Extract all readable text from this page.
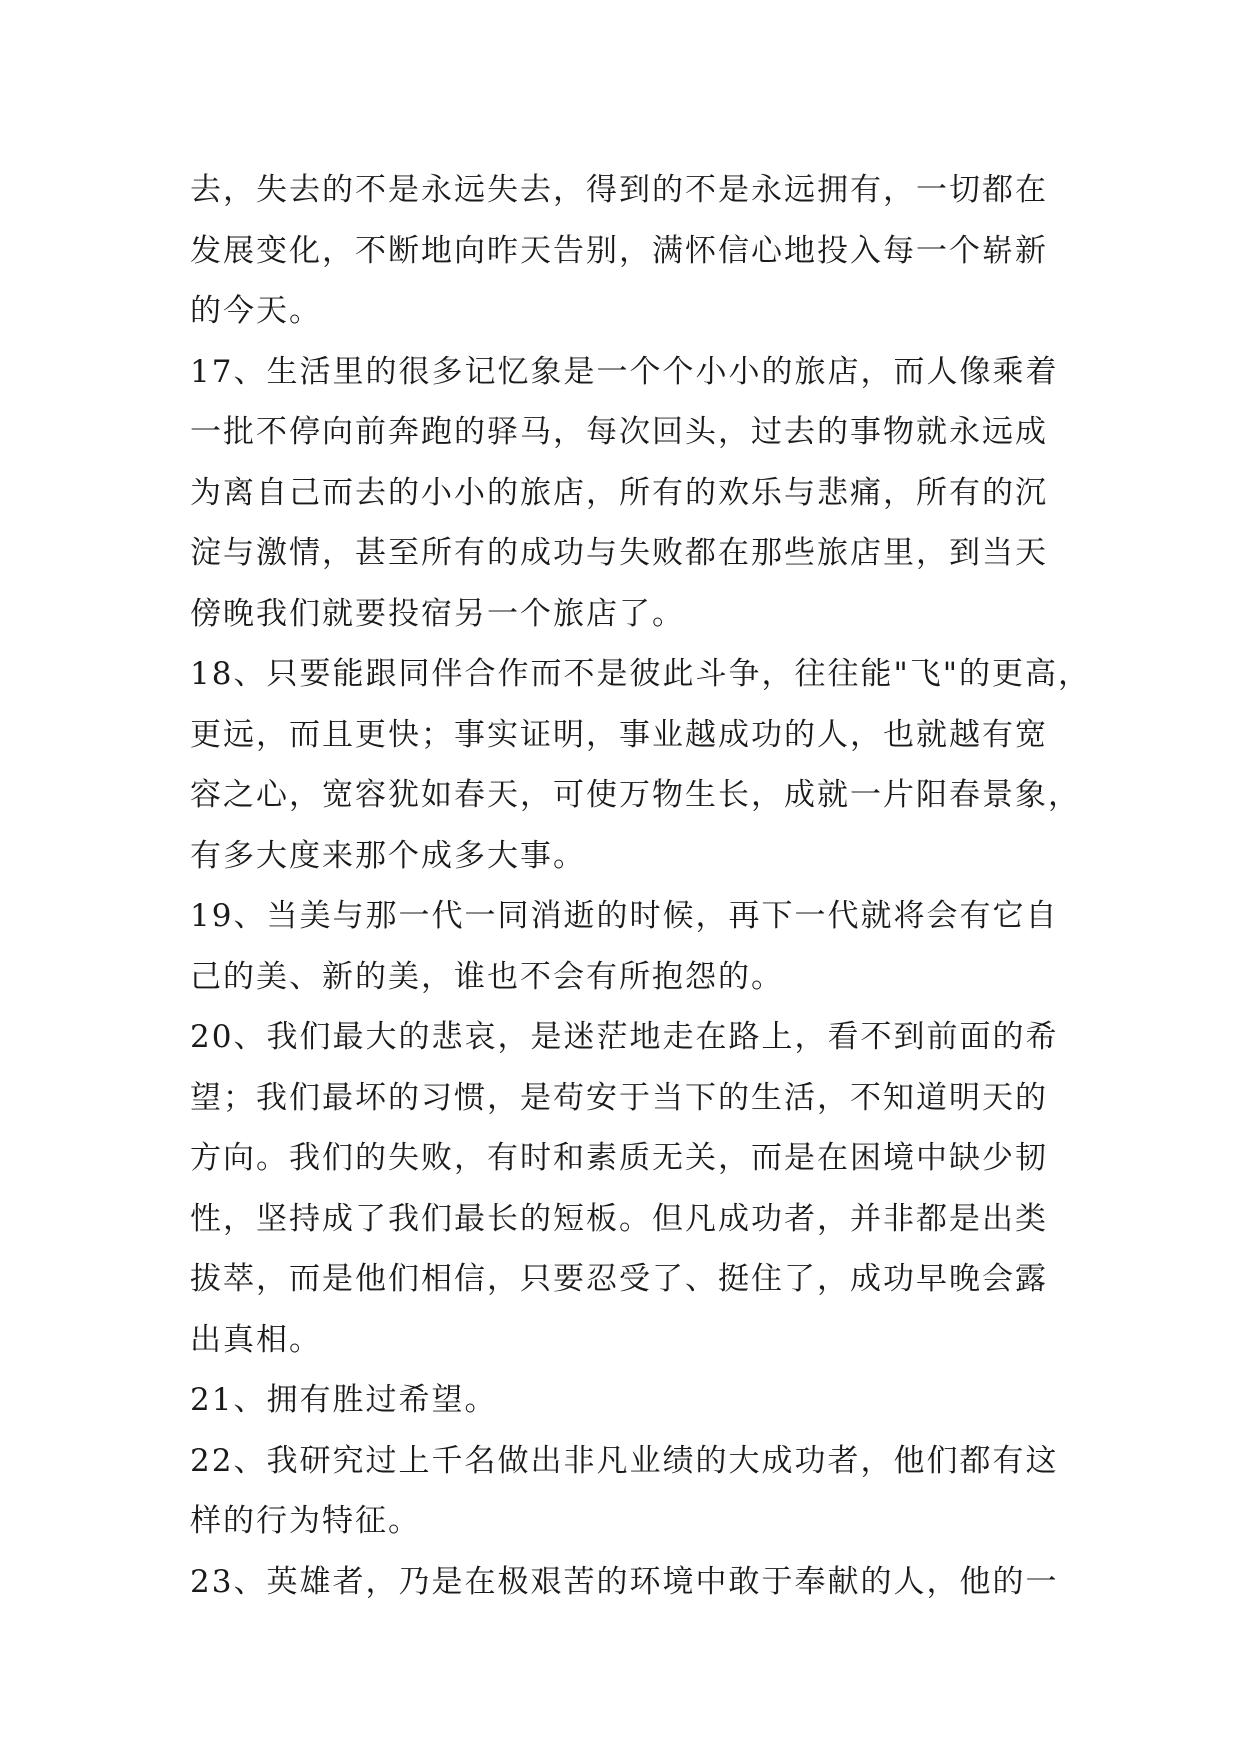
去，失去的不是永远失去，得到的不是永远拥有，一切都在
发展变化，不断地向昨天告别，满怀信心地投入每一个崭新
的今天。
17、生活里的很多记忆象是一个个小小的旅店，而人像乘着
一批不停向前奔跑的驿马，每次回头，过去的事物就永远成
为离自己而去的小小的旅店，所有的欢乐与悲痛，所有的沉
淀与激情，甚至所有的成功与失败都在那些旅店里，到当天
傍晚我们就要投宿另一个旅店了。
18、只要能跟同伴合作而不是彼此斗争，往往能"飞"的更高，
更远，而且更快；事实证明，事业越成功的人，也就越有宽
容之心，宽容犹如春天，可使万物生长，成就一片阳春景象，
有多大度来那个成多大事。
19、当美与那一代一同消逝的时候，再下一代就将会有它自
己的美、新的美，谁也不会有所抱怨的。
20、我们最大的悲哀，是迷茫地走在路上，看不到前面的希
望；我们最坏的习惯，是苟安于当下的生活，不知道明天的
方向。我们的失败，有时和素质无关，而是在困境中缺少韧
性，坚持成了我们最长的短板。但凡成功者，并非都是出类
拔萃，而是他们相信，只要忍受了、挺住了，成功早晚会露
出真相。
21、拥有胜过希望。
22、我研究过上千名做出非凡业绩的大成功者，他们都有这
样的行为特征。
23、英雄者，乃是在极艰苦的环境中敢于奉献的人，他的一
